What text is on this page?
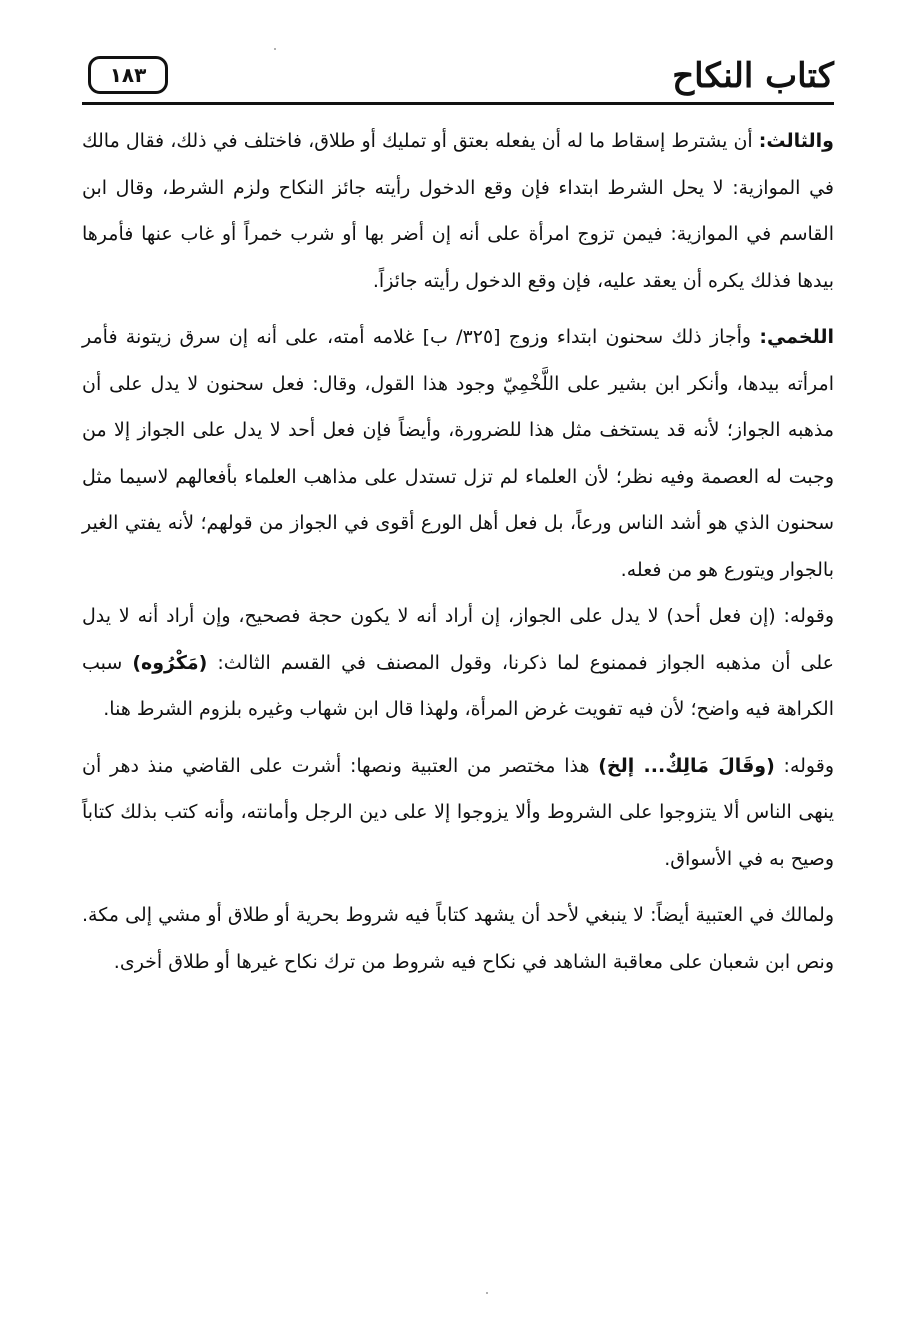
١٨٣	كتاب النكاح

والثالث: أن يشترط إسقاط ما له أن يفعله بعتق أو تمليك أو طلاق، فاختلف في ذلك، فقال مالك في الموازية: لا يحل الشرط ابتداء فإن وقع الدخول رأيته جائز النكاح ولزم الشرط، وقال ابن القاسم في الموازية: فيمن تزوج امرأة على أنه إن أضر بها أو شرب خمراً أو غاب عنها فأمرها بيدها فذلك يكره أن يعقد عليه، فإن وقع الدخول رأيته جائزاً.

اللخمي: وأجاز ذلك سحنون ابتداء وزوج [٣٢٥/ ب] غلامه أمته، على أنه إن سرق زيتونة فأمر امرأته بيدها، وأنكر ابن بشير على اللَّخْمِيّ وجود هذا القول، وقال: فعل سحنون لا يدل على أن مذهبه الجواز؛ لأنه قد يستخف مثل هذا للضرورة، وأيضاً فإن فعل أحد لا يدل على الجواز إلا من وجبت له العصمة وفيه نظر؛ لأن العلماء لم تزل تستدل على مذاهب العلماء بأفعالهم لاسيما مثل سحنون الذي هو أشد الناس ورعاً، بل فعل أهل الورع أقوى في الجواز من قولهم؛ لأنه يفتي الغير بالجوار ويتورع هو من فعله.

وقوله: (إن فعل أحد) لا يدل على الجواز، إن أراد أنه لا يكون حجة فصحيح، وإن أراد أنه لا يدل على أن مذهبه الجواز فممنوع لما ذكرنا، وقول المصنف في القسم الثالث: (مَكْرُوه) سبب الكراهة فيه واضح؛ لأن فيه تفويت غرض المرأة، ولهذا قال ابن شهاب وغيره بلزوم الشرط هنا.

وقوله: (وقَالَ مَالِكٌ... إلخ) هذا مختصر من العتبية ونصها: أشرت على القاضي منذ دهر أن ينهى الناس ألا يتزوجوا على الشروط وألا يزوجوا إلا على دين الرجل وأمانته، وأنه كتب بذلك كتاباً وصيح به في الأسواق.

ولمالك في العتبية أيضاً: لا ينبغي لأحد أن يشهد كتاباً فيه شروط بحرية أو طلاق أو مشي إلى مكة. ونص ابن شعبان على معاقبة الشاهد في نكاح فيه شروط من ترك نكاح غيرها أو طلاق أخرى.
